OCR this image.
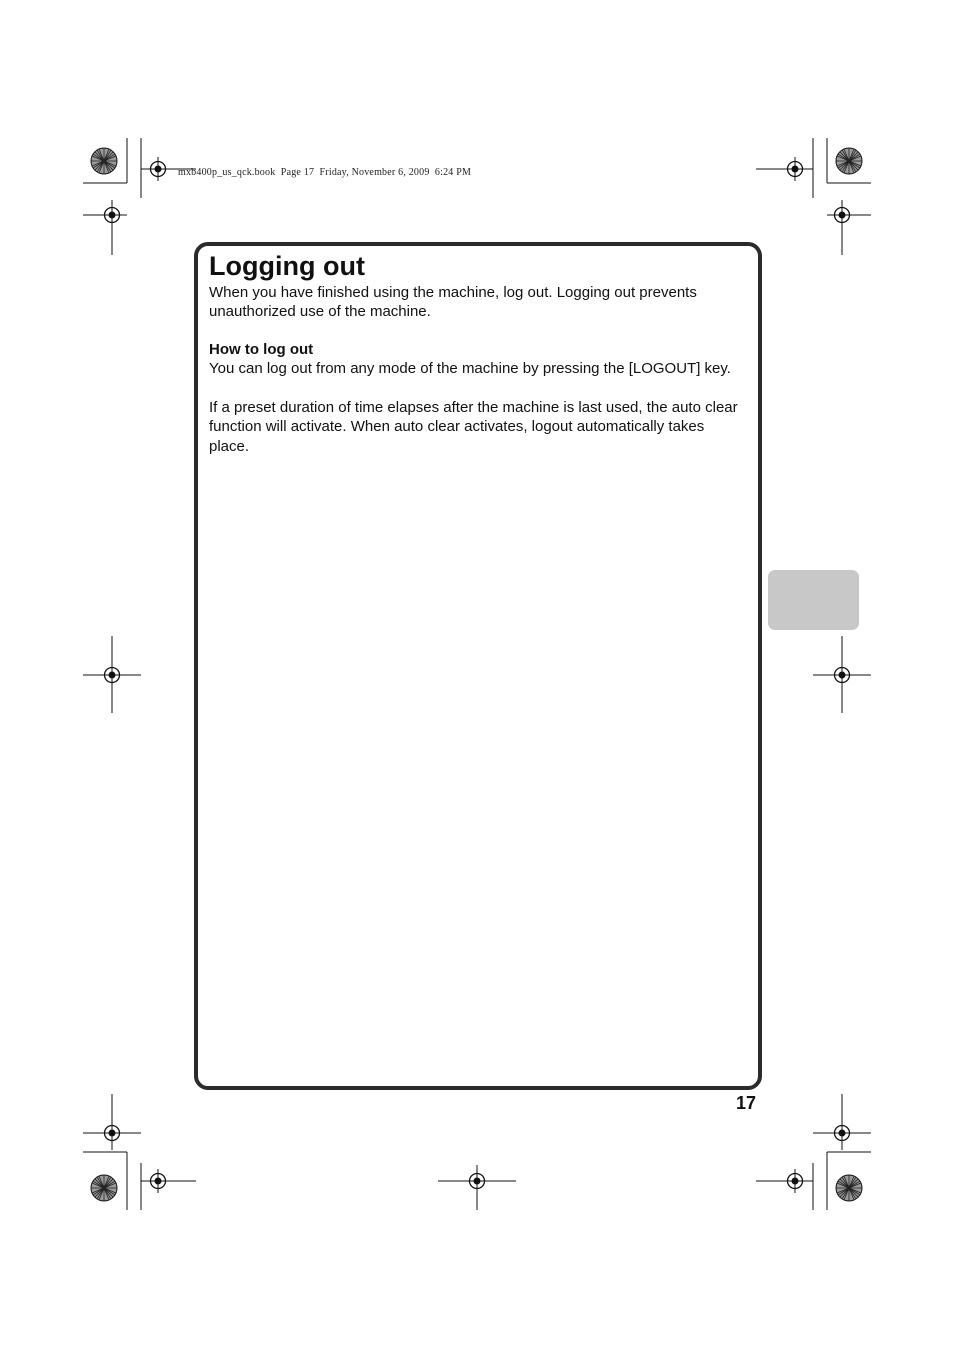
mxb400p_us_qck.book  Page 17  Friday, November 6, 2009  6:24 PM
Logging out

When you have finished using the machine, log out. Logging out prevents unauthorized use of the machine.

How to log out

You can log out from any mode of the machine by pressing the [LOGOUT] key.

If a preset duration of time elapses after the machine is last used, the auto clear function will activate. When auto clear activates, logout automatically takes place.

17
